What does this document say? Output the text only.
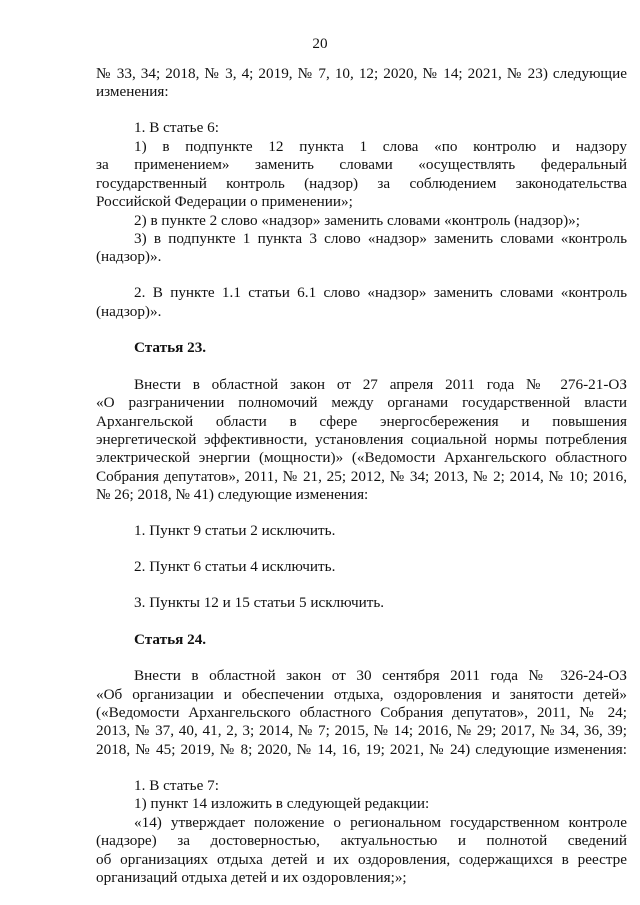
20
№ 33, 34; 2018, № 3, 4; 2019, № 7, 10, 12; 2020, № 14; 2021, № 23) следующие
изменения:
1. В статье 6:
1) в подпункте 12 пункта 1 слова «по контролю и надзору
за применением» заменить словами «осуществлять федеральный
государственный контроль (надзор) за соблюдением законодательства
Российской Федерации о применении»;
2) в пункте 2 слово «надзор» заменить словами «контроль (надзор)»;
3) в подпункте 1 пункта 3 слово «надзор» заменить словами «контроль
(надзор)».
2. В пункте 1.1 статьи 6.1 слово «надзор» заменить словами «контроль
(надзор)».
Статья 23.
Внести в областной закон от 27 апреля 2011 года № 276-21-ОЗ
«О разграничении полномочий между органами государственной власти
Архангельской области в сфере энергосбережения и повышения
энергетической эффективности, установления социальной нормы потребления
электрической энергии (мощности)» («Ведомости Архангельского областного
Собрания депутатов», 2011, № 21, 25; 2012, № 34; 2013, № 2; 2014, № 10; 2016,
№ 26; 2018, № 41) следующие изменения:
1. Пункт 9 статьи 2 исключить.
2. Пункт 6 статьи 4 исключить.
3. Пункты 12 и 15 статьи 5 исключить.
Статья 24.
Внести в областной закон от 30 сентября 2011 года № 326-24-ОЗ
«Об организации и обеспечении отдыха, оздоровления и занятости детей»
(«Ведомости Архангельского областного Собрания депутатов», 2011, № 24;
2013, № 37, 40, 41, 2, 3; 2014, № 7; 2015, № 14; 2016, № 29; 2017, № 34, 36, 39;
2018, № 45; 2019, № 8; 2020, № 14, 16, 19; 2021, № 24) следующие изменения:
1. В статье 7:
1) пункт 14 изложить в следующей редакции:
«14) утверждает положение о региональном государственном контроле
(надзоре) за достоверностью, актуальностью и полнотой сведений
об организациях отдыха детей и их оздоровления, содержащихся в реестре
организаций отдыха детей и их оздоровления;»;
